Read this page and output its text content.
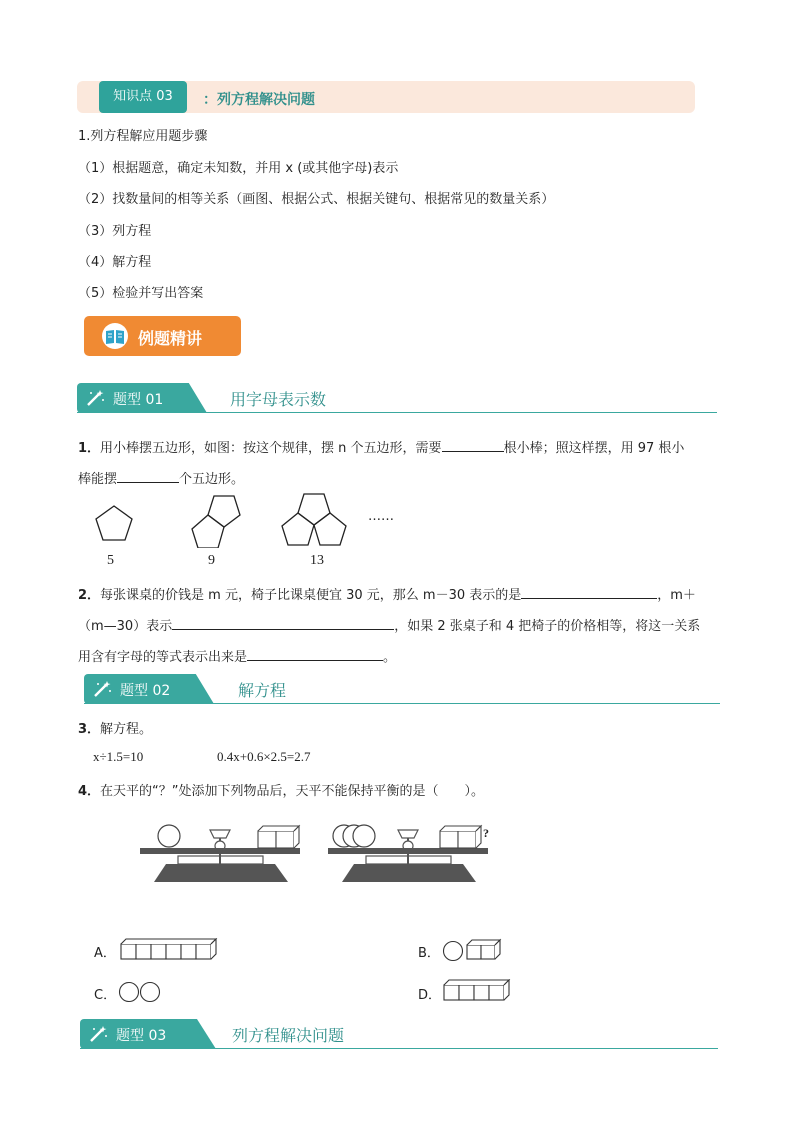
知识点 03	：列方程解决问题
1.列方程解应用题步骤
（1）根据题意，确定未知数，并用 x (或其他字母)表示
（2）找数量间的相等关系（画图、根据公式、根据关键句、根据常见的数量关系）
（3）列方程
（4）解方程
（5）检验并写出答案
例题精讲
题型 01	用字母表示数
1．用小棒摆五边形，如图：按这个规律，摆 n 个五边形，需要	根小棒；照这样摆，用 97 根小
棒能摆	个五边形。
5	9	13
……
2．每张课桌的价钱是 m 元，椅子比课桌便宜 30 元，那么 m－30 表示的是	，m＋
（m—30）表示	，如果 2 张桌子和 4 把椅子的价格相等，将这一关系
用含有字母的等式表示出来是	。
题型 02	解方程
3．解方程。
x÷1.5=10	0.4x+0.6×2.5=2.7
4．在天平的“？”处添加下列物品后，天平不能保持平衡的是（　　）。
?
A．	B．
C．	D．
题型 03	列方程解决问题
